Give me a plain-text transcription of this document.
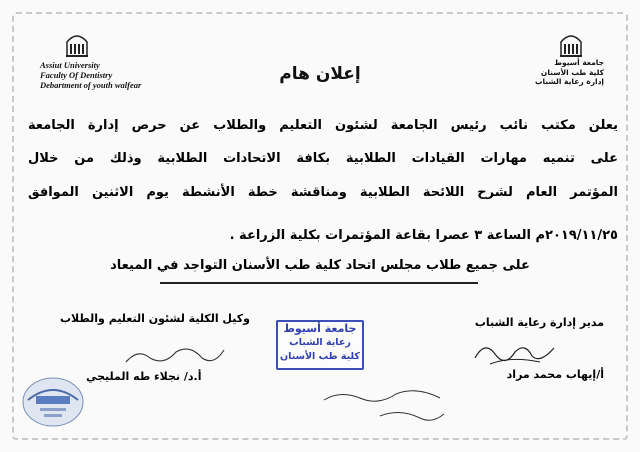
Assiut University
Faculty Of Dentistry
Debartment of youth walfear
جامعة أسيوط
كلية طب الأسنان
إدارة رعاية الشباب
إعلان هام
يعلن مكتب نائب رئيس الجامعة لشئون التعليم والطلاب عن حرص إدارة الجامعة
على تنميه مهارات القيادات الطلابية بكافة الاتحادات الطلابية وذلك من خلال
المؤتمر العام لشرح اللائحة الطلابية ومناقشة خطة الأنشطة يوم الاثنين الموافق
٢٠١٩/١١/٢٥م الساعة ٣ عصرا بقاعة المؤتمرات بكلية الزراعة .
على جميع طلاب مجلس اتحاد كلية طب الأسنان التواجد في الميعاد
مدير إدارة رعاية الشباب
وكيل الكلية لشئون التعليم والطلاب
جامعة أسيوط
رعاية الشباب
كلية طب الأسنان
أ/إيهاب محمد مراد
أ.د/ نجلاء طه المليجي
